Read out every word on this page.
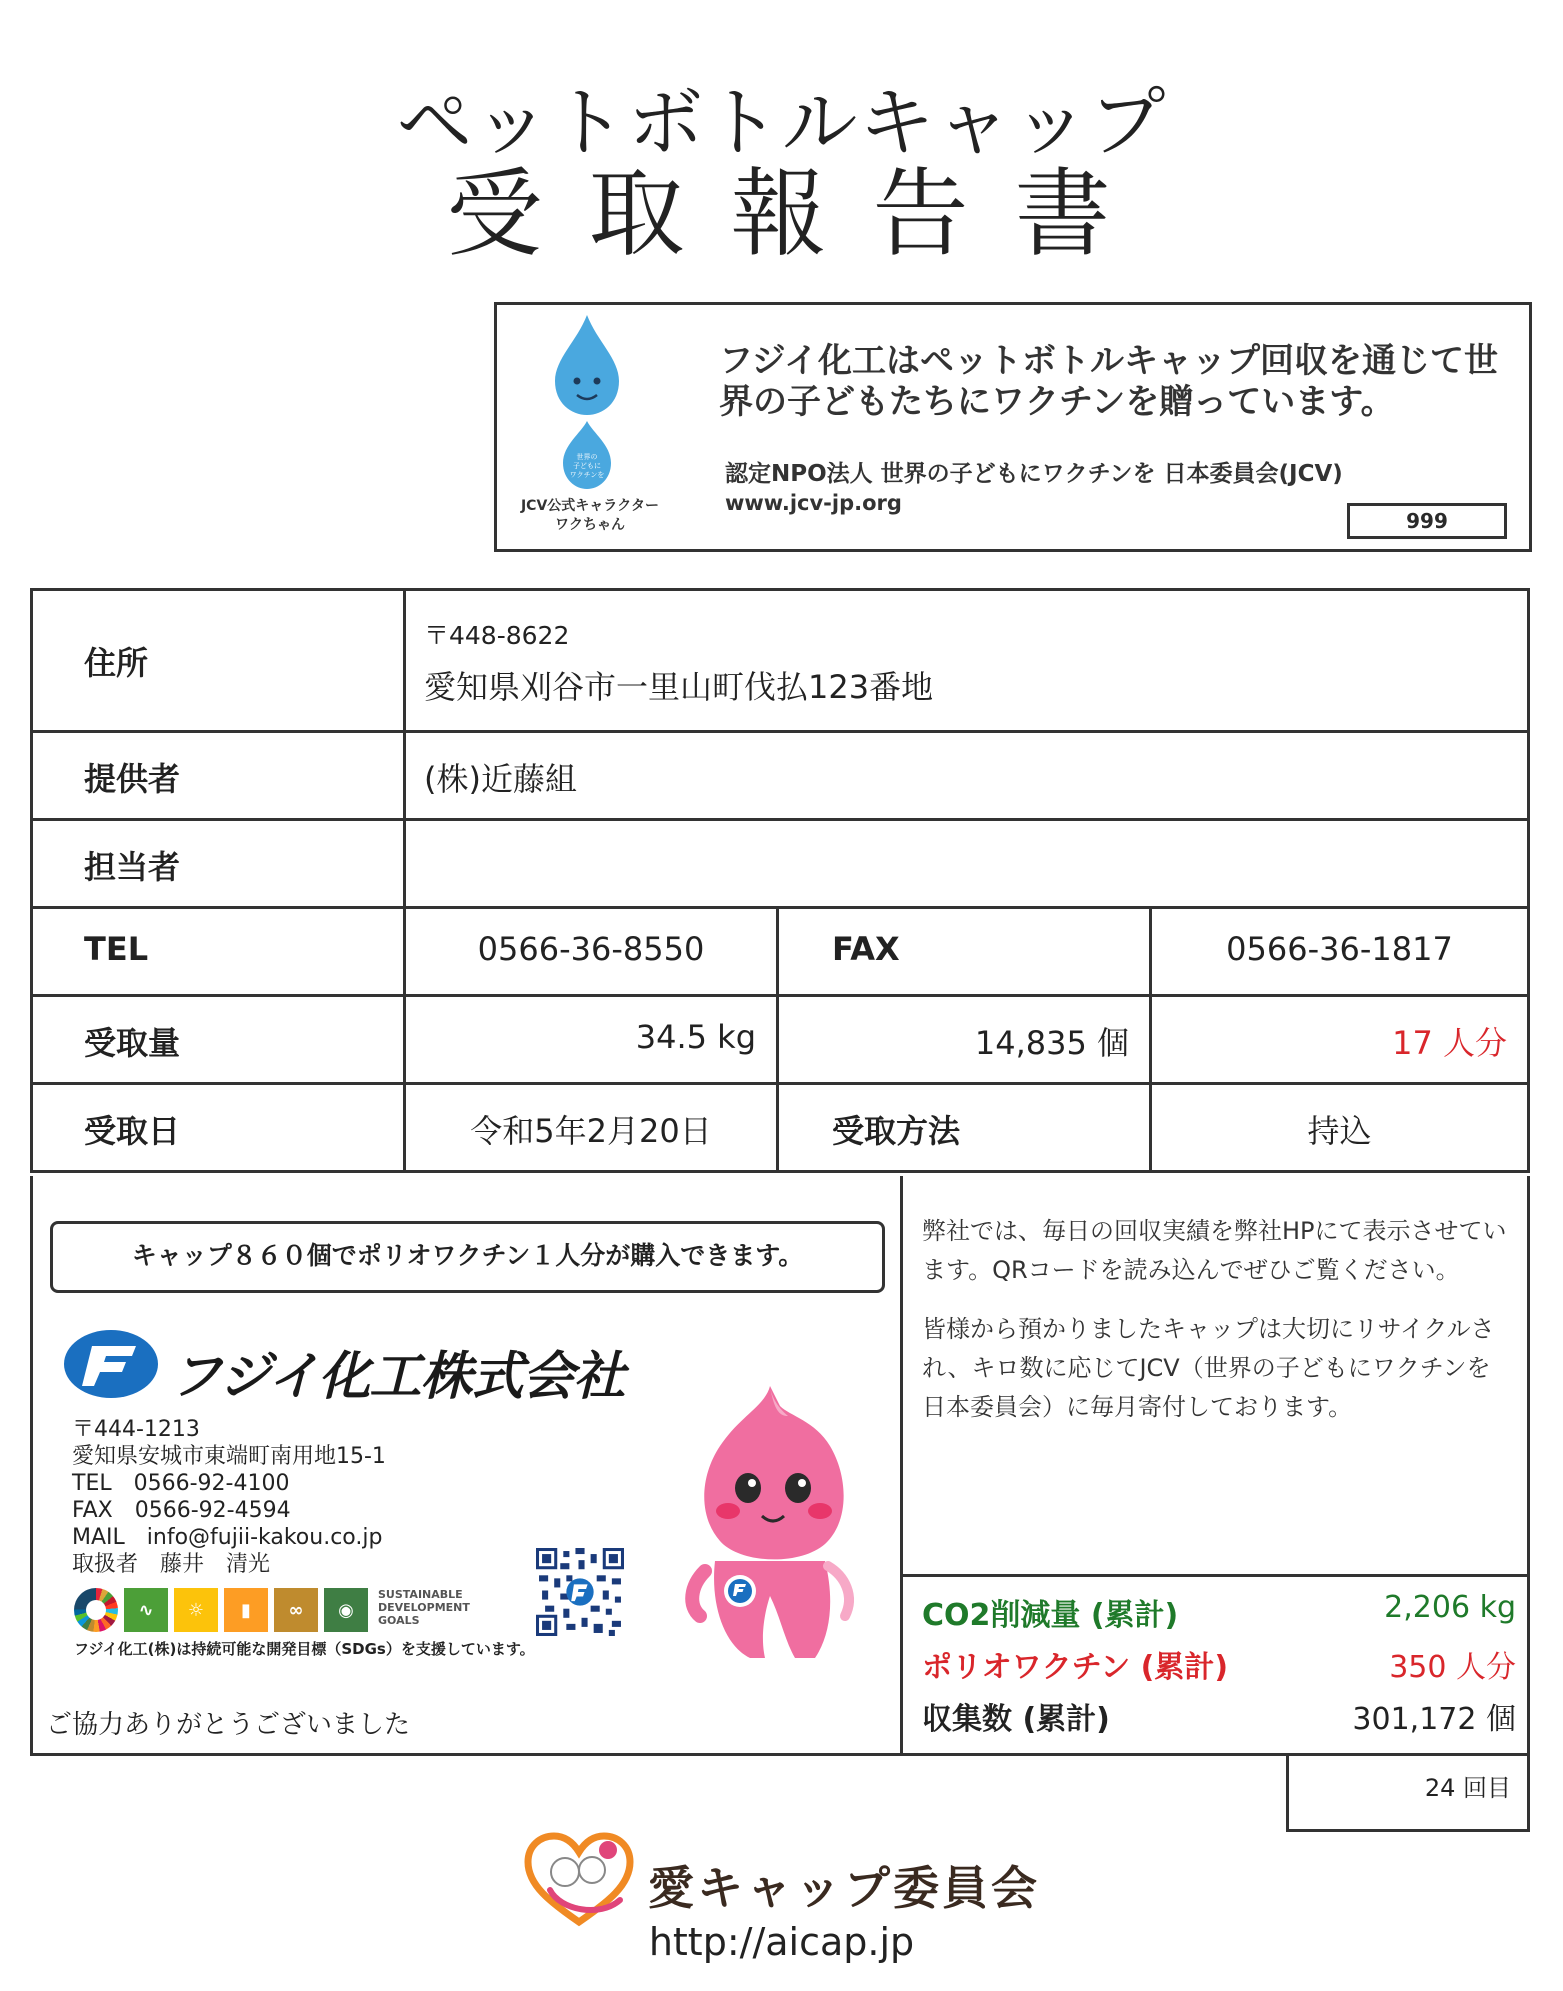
ペットボトルキャップ
受取報告書
世界の
子どもに
ワクチンを
JCV公式キャラクター
ワクちゃん
フジイ化工はペットボトルキャップ回収を通じて世界の子どもたちにワクチンを贈っています。
認定NPO法人 世界の子どもにワクチンを 日本委員会(JCV)
www.jcv-jp.org
999
住所
〒448-8622
愛知県刈谷市一里山町伐払123番地
提供者	(株)近藤組
担当者
TEL	0566-36-8550	FAX	0566-36-1817
受取量	34.5 kg	14,835 個	17 人分
受取日	令和5年2月20日	受取方法	持込
キャップ８６０個でポリオワクチン１人分が購入できます。
フジイ化工株式会社
〒444-1213
愛知県安城市東端町南用地15-1
TEL　0566-92-4100
FAX　0566-92-4594
MAIL　info@fujii-kakou.co.jp
取扱者　藤井　清光
∿	☼	▮	∞	◉
SUSTAINABLE DEVELOPMENT GOALS
フジイ化工(株)は持続可能な開発目標（SDGs）を支援しています。
ご協力ありがとうございました

弊社では、毎日の回収実績を弊社HPにて表示させています。QRコードを読み込んでぜひご覧ください。

皆様から預かりましたキャップは大切にリサイクルされ、キロ数に応じてJCV（世界の子どもにワクチンを 日本委員会）に毎月寄付しております。

CO2削減量 (累計)	2,206 kg
ポリオワクチン (累計)	350 人分
収集数 (累計)	301,172 個
24 回目
愛キャップ委員会
http://aicap.jp
